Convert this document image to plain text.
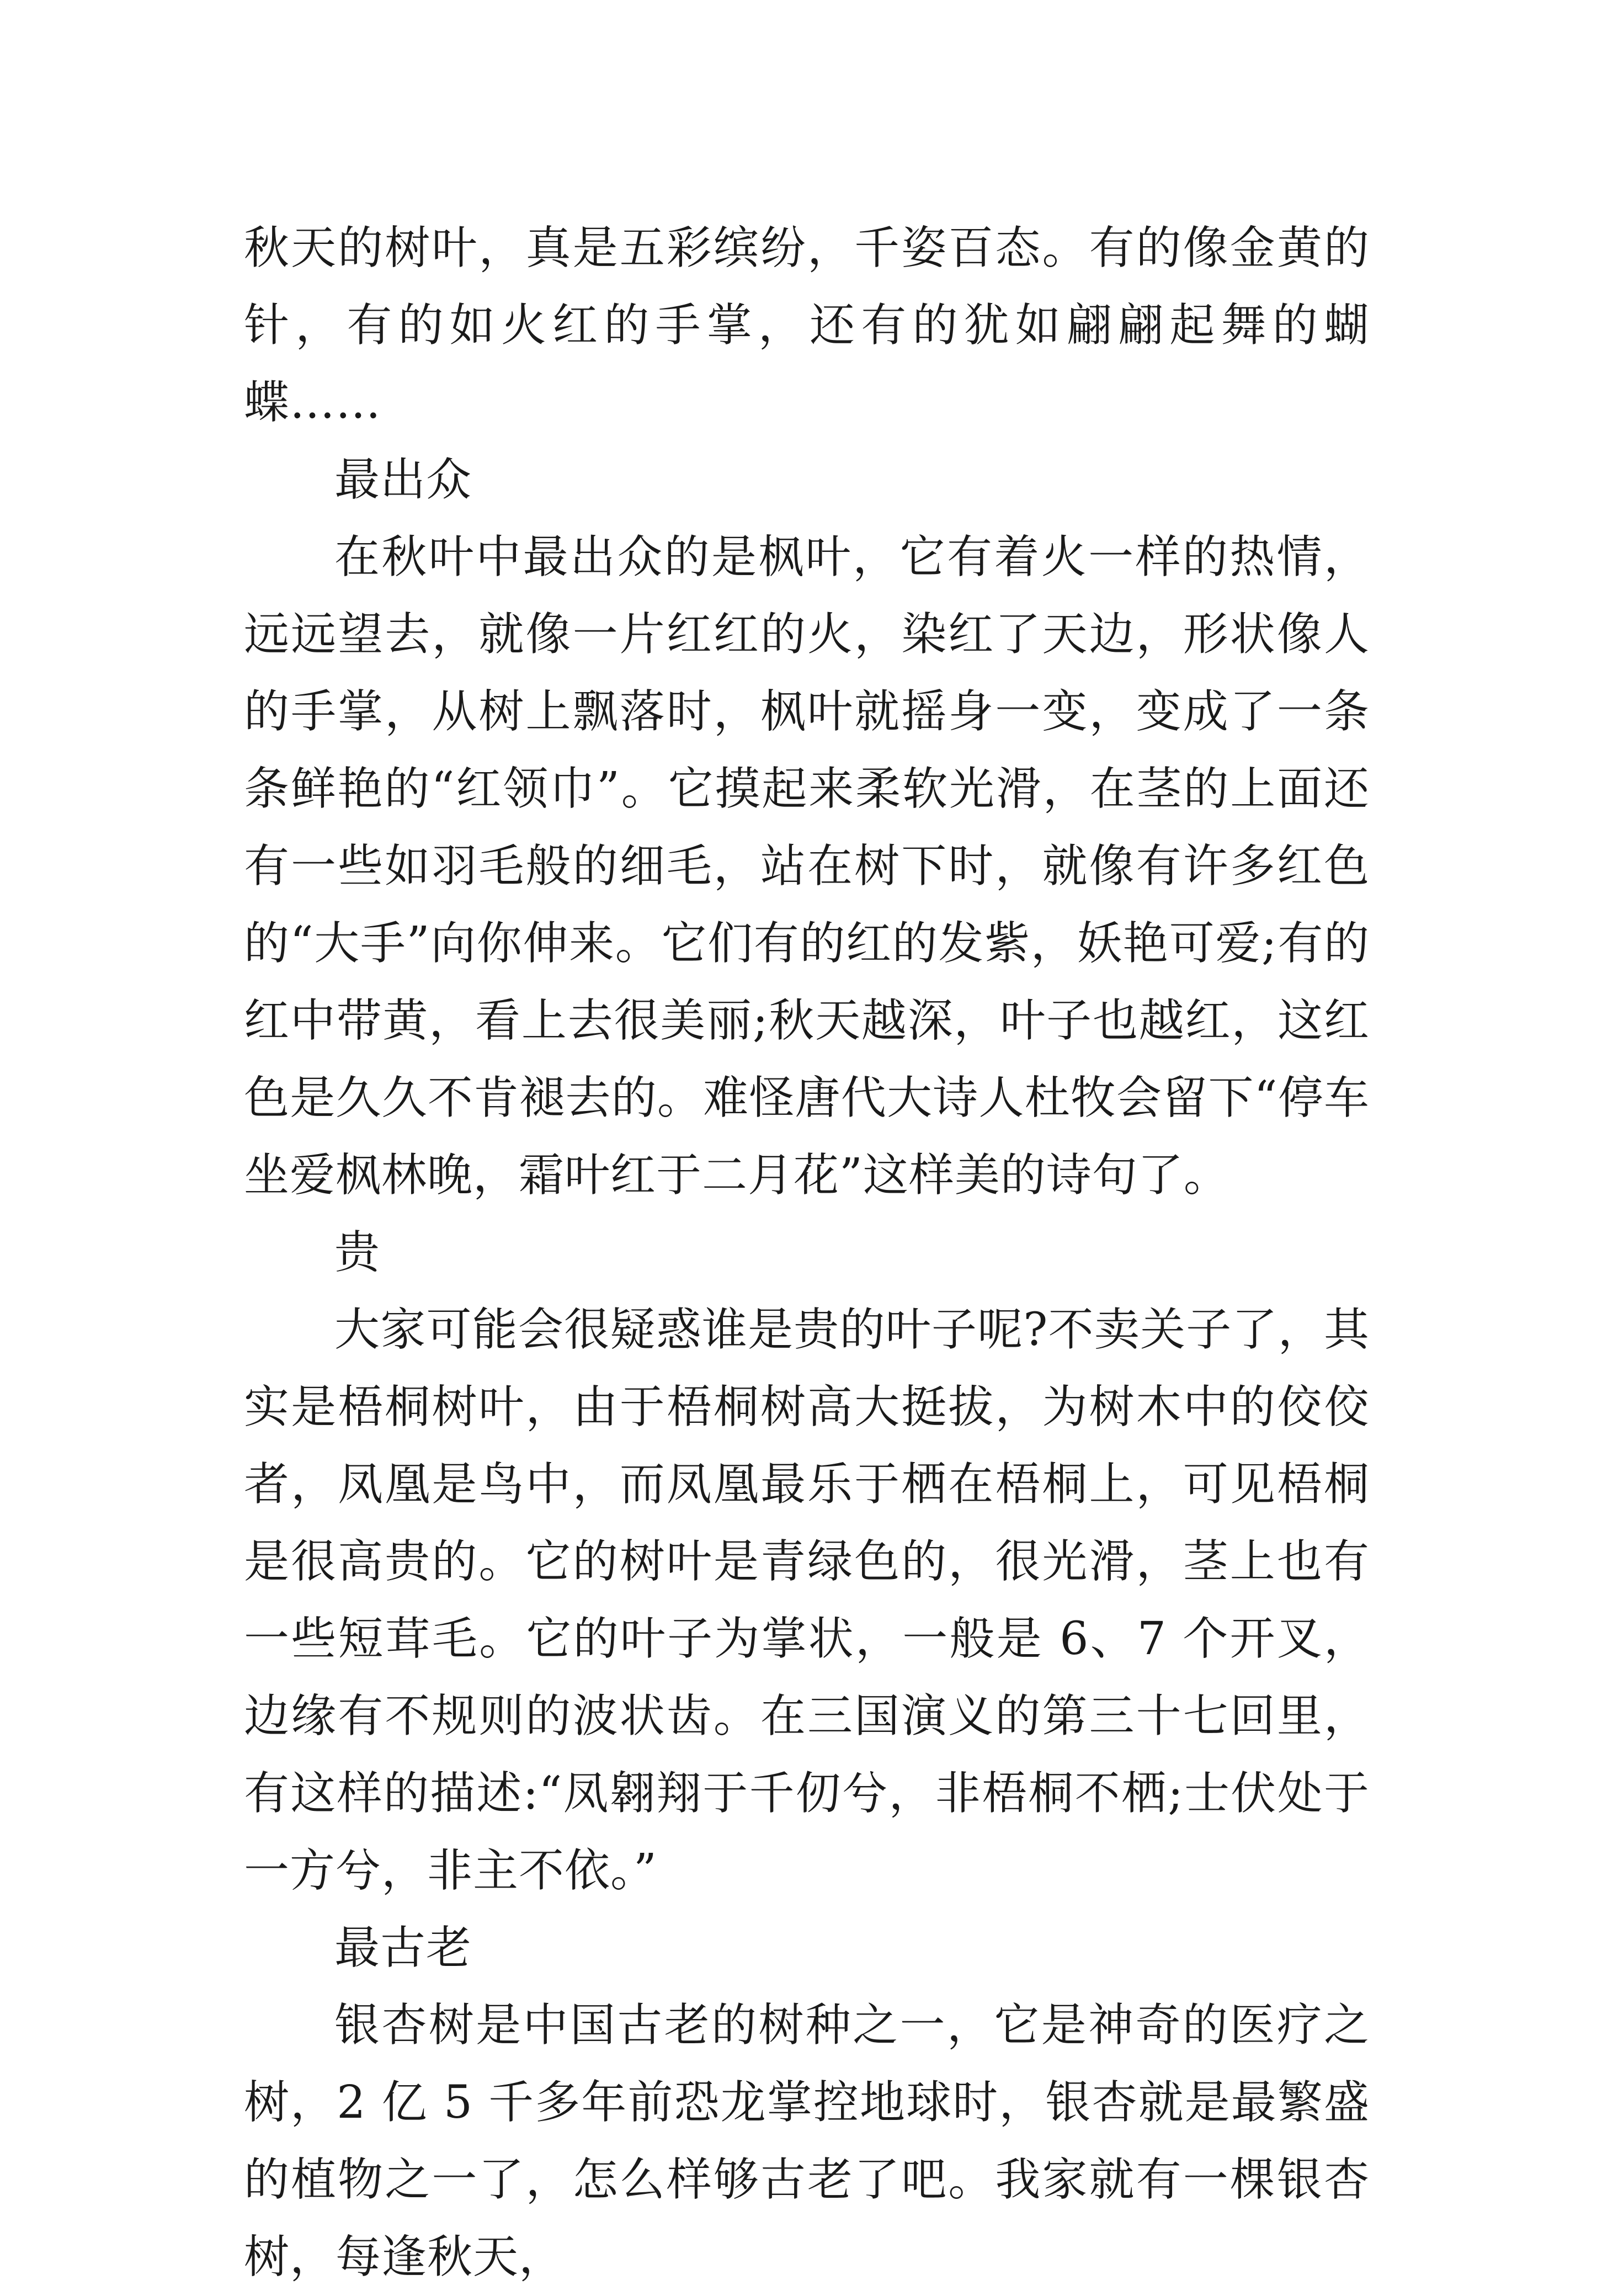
秋天的树叶，真是五彩缤纷，千姿百态。有的像金黄的针，有的如火红的手掌，还有的犹如翩翩起舞的蝴蝶……

最出众

在秋叶中最出众的是枫叶，它有着火一样的热情，远远望去，就像一片红红的火，染红了天边，形状像人的手掌，从树上飘落时，枫叶就摇身一变，变成了一条条鲜艳的“红领巾”。它摸起来柔软光滑，在茎的上面还有一些如羽毛般的细毛，站在树下时，就像有许多红色的“大手”向你伸来。它们有的红的发紫，妖艳可爱;有的红中带黄，看上去很美丽;秋天越深，叶子也越红，这红色是久久不肯褪去的。难怪唐代大诗人杜牧会留下“停车坐爱枫林晚，霜叶红于二月花”这样美的诗句了。

贵

大家可能会很疑惑谁是贵的叶子呢?不卖关子了，其实是梧桐树叶，由于梧桐树高大挺拔，为树木中的佼佼者，凤凰是鸟中，而凤凰最乐于栖在梧桐上，可见梧桐是很高贵的。它的树叶是青绿色的，很光滑，茎上也有一些短茸毛。它的叶子为掌状，一般是 6、7 个开叉，边缘有不规则的波状齿。在三国演义的第三十七回里，有这样的描述:“凤翱翔于千仞兮，非梧桐不栖;士伏处于一方兮，非主不依。”

最古老

银杏树是中国古老的树种之一，它是神奇的医疗之树，2 亿 5 千多年前恐龙掌控地球时，银杏就是最繁盛的植物之一了，怎么样够古老了吧。我家就有一棵银杏树，每逢秋天，
